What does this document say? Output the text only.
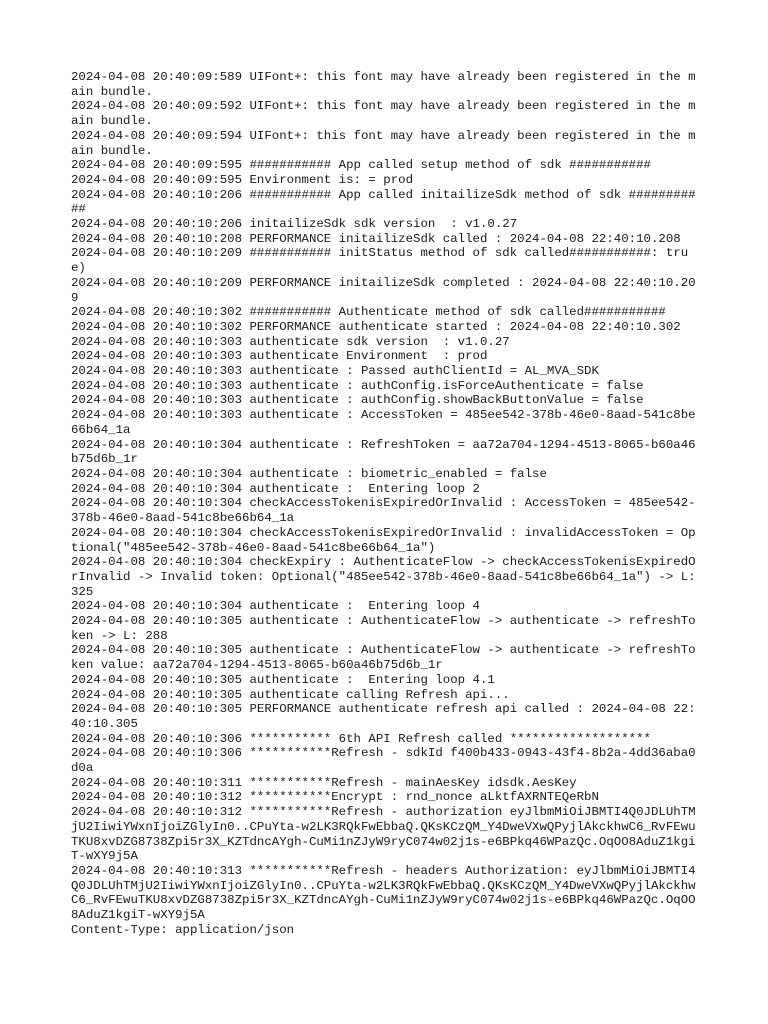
2024-04-08 20:40:09:589 UIFont+: this font may have already been registered in the main bundle.
2024-04-08 20:40:09:592 UIFont+: this font may have already been registered in the main bundle.
2024-04-08 20:40:09:594 UIFont+: this font may have already been registered in the main bundle.
2024-04-08 20:40:09:595 ########### App called setup method of sdk ###########
2024-04-08 20:40:09:595 Environment is: = prod
2024-04-08 20:40:10:206 ########### App called initailizeSdk method of sdk ###########
2024-04-08 20:40:10:206 initailizeSdk sdk version  : v1.0.27
2024-04-08 20:40:10:208 PERFORMANCE initailizeSdk called : 2024-04-08 22:40:10.208
2024-04-08 20:40:10:209 ########### initStatus method of sdk called###########: true)
2024-04-08 20:40:10:209 PERFORMANCE initailizeSdk completed : 2024-04-08 22:40:10.209
2024-04-08 20:40:10:302 ########### Authenticate method of sdk called###########
2024-04-08 20:40:10:302 PERFORMANCE authenticate started : 2024-04-08 22:40:10.302
2024-04-08 20:40:10:303 authenticate sdk version  : v1.0.27
2024-04-08 20:40:10:303 authenticate Environment  : prod
2024-04-08 20:40:10:303 authenticate : Passed authClientId = AL_MVA_SDK
2024-04-08 20:40:10:303 authenticate : authConfig.isForceAuthenticate = false
2024-04-08 20:40:10:303 authenticate : authConfig.showBackButtonValue = false
2024-04-08 20:40:10:303 authenticate : AccessToken = 485ee542-378b-46e0-8aad-541c8be66b64_1a
2024-04-08 20:40:10:304 authenticate : RefreshToken = aa72a704-1294-4513-8065-b60a46b75d6b_1r
2024-04-08 20:40:10:304 authenticate : biometric_enabled = false
2024-04-08 20:40:10:304 authenticate :  Entering loop 2
2024-04-08 20:40:10:304 checkAccessTokenisExpiredOrInvalid : AccessToken = 485ee542-378b-46e0-8aad-541c8be66b64_1a
2024-04-08 20:40:10:304 checkAccessTokenisExpiredOrInvalid : invalidAccessToken = Optional("485ee542-378b-46e0-8aad-541c8be66b64_1a")
2024-04-08 20:40:10:304 checkExpiry : AuthenticateFlow -> checkAccessTokenisExpiredOrInvalid -> Invalid token: Optional("485ee542-378b-46e0-8aad-541c8be66b64_1a") -> L: 325
2024-04-08 20:40:10:304 authenticate :  Entering loop 4
2024-04-08 20:40:10:305 authenticate : AuthenticateFlow -> authenticate -> refreshToken -> L: 288
2024-04-08 20:40:10:305 authenticate : AuthenticateFlow -> authenticate -> refreshToken value: aa72a704-1294-4513-8065-b60a46b75d6b_1r
2024-04-08 20:40:10:305 authenticate :  Entering loop 4.1
2024-04-08 20:40:10:305 authenticate calling Refresh api...
2024-04-08 20:40:10:305 PERFORMANCE authenticate refresh api called : 2024-04-08 22:40:10.305
2024-04-08 20:40:10:306 *********** 6th API Refresh called *******************
2024-04-08 20:40:10:306 ***********Refresh - sdkId f400b433-0943-43f4-8b2a-4dd36aba0d0a
2024-04-08 20:40:10:311 ***********Refresh - mainAesKey idsdk.AesKey
2024-04-08 20:40:10:312 ***********Encrypt : rnd_nonce aLktfAXRNTEQeRbN
2024-04-08 20:40:10:312 ***********Refresh - authorization eyJlbmMiOiJBMTI4Q0JDLUhTMjU2IiwiYWxnIjoiZGlyIn0..CPuYta-w2LK3RQkFwEbbaQ.QKsKCzQM_Y4DweVXwQPyjlAkckhwC6_RvFEwuTKU8xvDZG8738Zpi5r3X_KZTdncAYgh-CuMi1nZJyW9ryC074w02j1s-e6BPkq46WPazQc.OqOO8AduZ1kgiT-wXY9j5A
2024-04-08 20:40:10:313 ***********Refresh - headers Authorization: eyJlbmMiOiJBMTI4Q0JDLUhTMjU2IiwiYWxnIjoiZGlyIn0..CPuYta-w2LK3RQkFwEbbaQ.QKsKCzQM_Y4DweVXwQPyjlAkckhwC6_RvFEwuTKU8xvDZG8738Zpi5r3X_KZTdncAYgh-CuMi1nZJyW9ryC074w02j1s-e6BPkq46WPazQc.OqOO8AduZ1kgiT-wXY9j5A
Content-Type: application/json
